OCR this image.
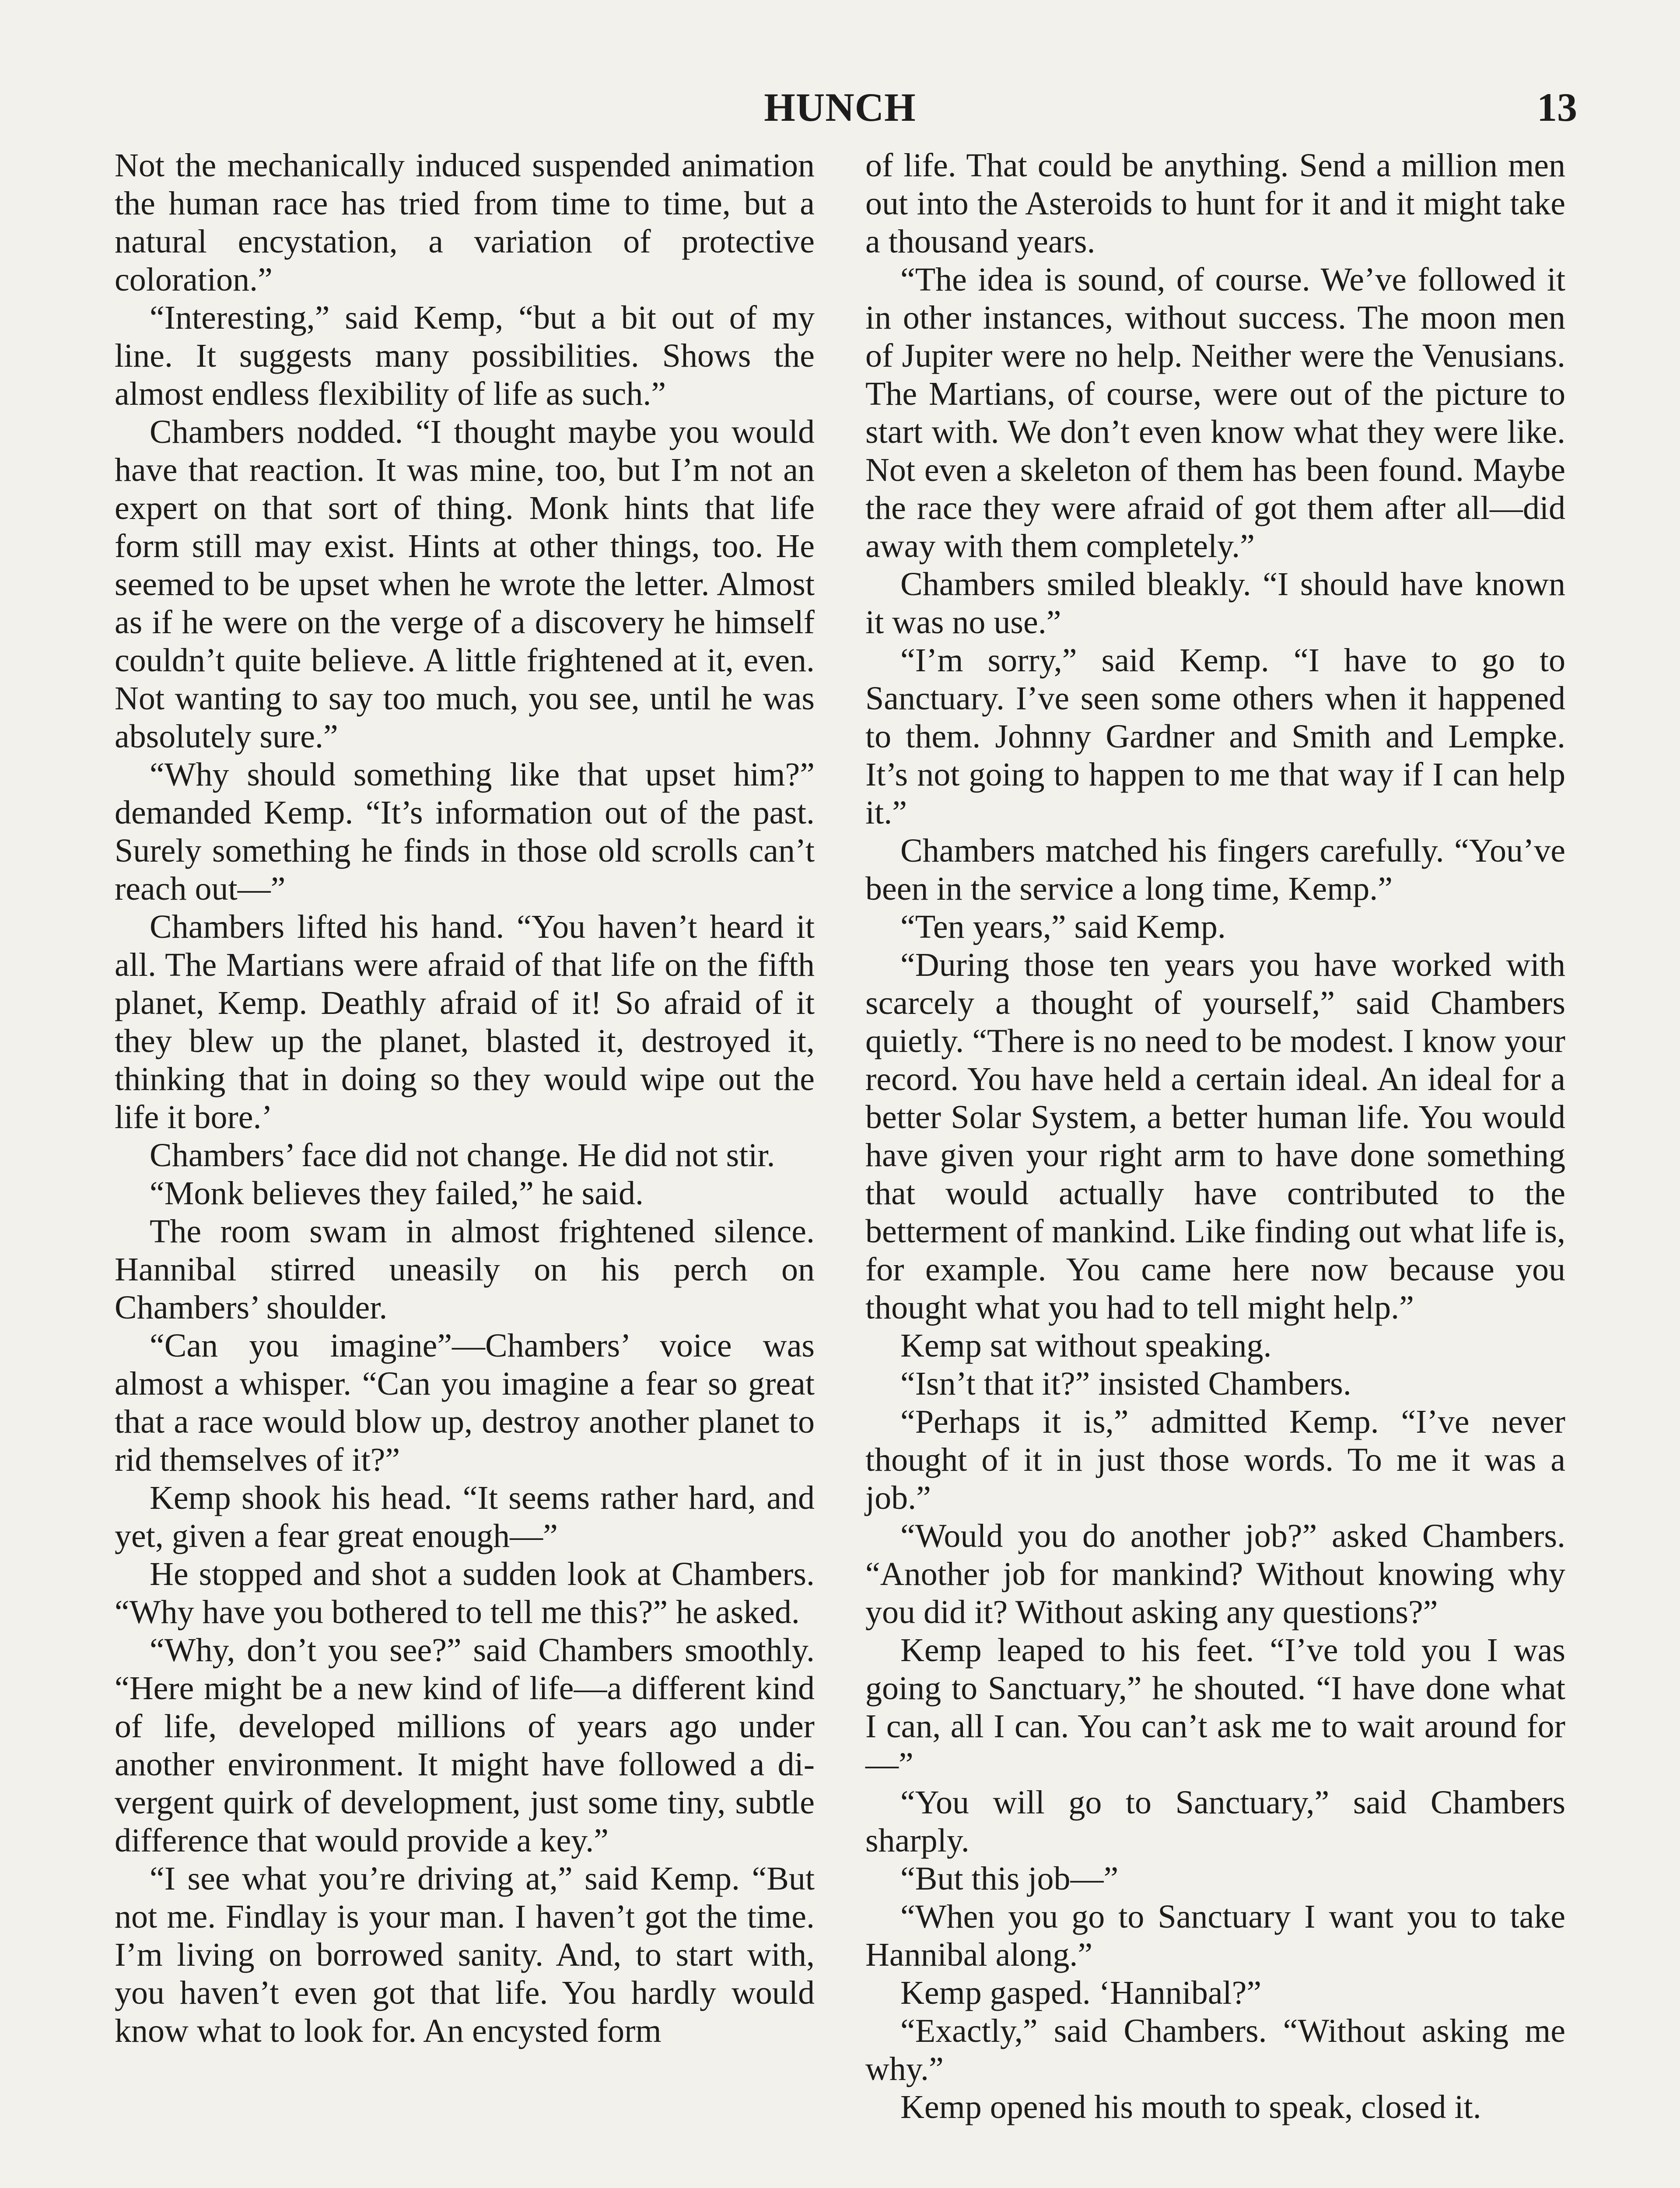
HUNCH	13

Not the mechanically induced suspended animation the human race has tried from time to time, but a natural encystation, a variation of protective coloration.”

“Interesting,” said Kemp, “but a bit out of my line. It suggests many possibilities. Shows the almost endless flexibility of life as such.”

Chambers nodded. “I thought maybe you would have that reaction. It was mine, too, but I’m not an expert on that sort of thing. Monk hints that life form still may exist. Hints at other things, too. He seemed to be upset when he wrote the letter. Almost as if he were on the verge of a discovery he himself couldn’t quite believe. A little frightened at it, even. Not wanting to say too much, you see, until he was absolutely sure.”

“Why should something like that upset him?” demanded Kemp. “It’s information out of the past. Surely something he finds in those old scrolls can’t reach out—”

Chambers lifted his hand. “You haven’t heard it all. The Martians were afraid of that life on the fifth planet, Kemp. Deathly afraid of it! So afraid of it they blew up the planet, blasted it, destroyed it, thinking that in doing so they would wipe out the life it bore.’

Chambers’ face did not change. He did not stir.

“Monk believes they failed,” he said.

The room swam in almost frightened silence. Hannibal stirred uneasily on his perch on Chambers’ shoulder.

“Can you imagine”—Chambers’ voice was almost a whisper. “Can you imagine a fear so great that a race would blow up, destroy another planet to rid themselves of it?”

Kemp shook his head. “It seems rather hard, and yet, given a fear great enough—”

He stopped and shot a sudden look at Chambers. “Why have you bothered to tell me this?” he asked.

“Why, don’t you see?” said Chambers smoothly. “Here might be a new kind of life—a different kind of life, developed millions of years ago under another environment. It might have followed a divergent quirk of development, just some tiny, subtle difference that would provide a key.”

“I see what you’re driving at,” said Kemp. “But not me. Findlay is your man. I haven’t got the time. I’m living on borrowed sanity. And, to start with, you haven’t even got that life. You hardly would know what to look for. An encysted form

of life. That could be anything. Send a million men out into the Asteroids to hunt for it and it might take a thousand years.

“The idea is sound, of course. We’ve followed it in other instances, without success. The moon men of Jupiter were no help. Neither were the Venusians. The Martians, of course, were out of the picture to start with. We don’t even know what they were like. Not even a skeleton of them has been found. Maybe the race they were afraid of got them after all—did away with them completely.”

Chambers smiled bleakly. “I should have known it was no use.”

“I’m sorry,” said Kemp. “I have to go to Sanctuary. I’ve seen some others when it happened to them. Johnny Gardner and Smith and Lempke. It’s not going to happen to me that way if I can help it.”

Chambers matched his fingers carefully. “You’ve been in the service a long time, Kemp.”

“Ten years,” said Kemp.

“During those ten years you have worked with scarcely a thought of yourself,” said Chambers quietly. “There is no need to be modest. I know your record. You have held a certain ideal. An ideal for a better Solar System, a better human life. You would have given your right arm to have done something that would actually have contributed to the betterment of mankind. Like finding out what life is, for example. You came here now because you thought what you had to tell might help.”

Kemp sat without speaking.

“Isn’t that it?” insisted Chambers.

“Perhaps it is,” admitted Kemp. “I’ve never thought of it in just those words. To me it was a job.”

“Would you do another job?” asked Chambers. “Another job for mankind? Without knowing why you did it? Without asking any questions?”

Kemp leaped to his feet. “I’ve told you I was going to Sanctuary,” he shouted. “I have done what I can, all I can. You can’t ask me to wait around for—”

“You will go to Sanctuary,” said Chambers sharply.

“But this job—”

“When you go to Sanctuary I want you to take Hannibal along.”

Kemp gasped. ‘Hannibal?”

“Exactly,” said Chambers. “Without asking me why.”

Kemp opened his mouth to speak, closed it.
